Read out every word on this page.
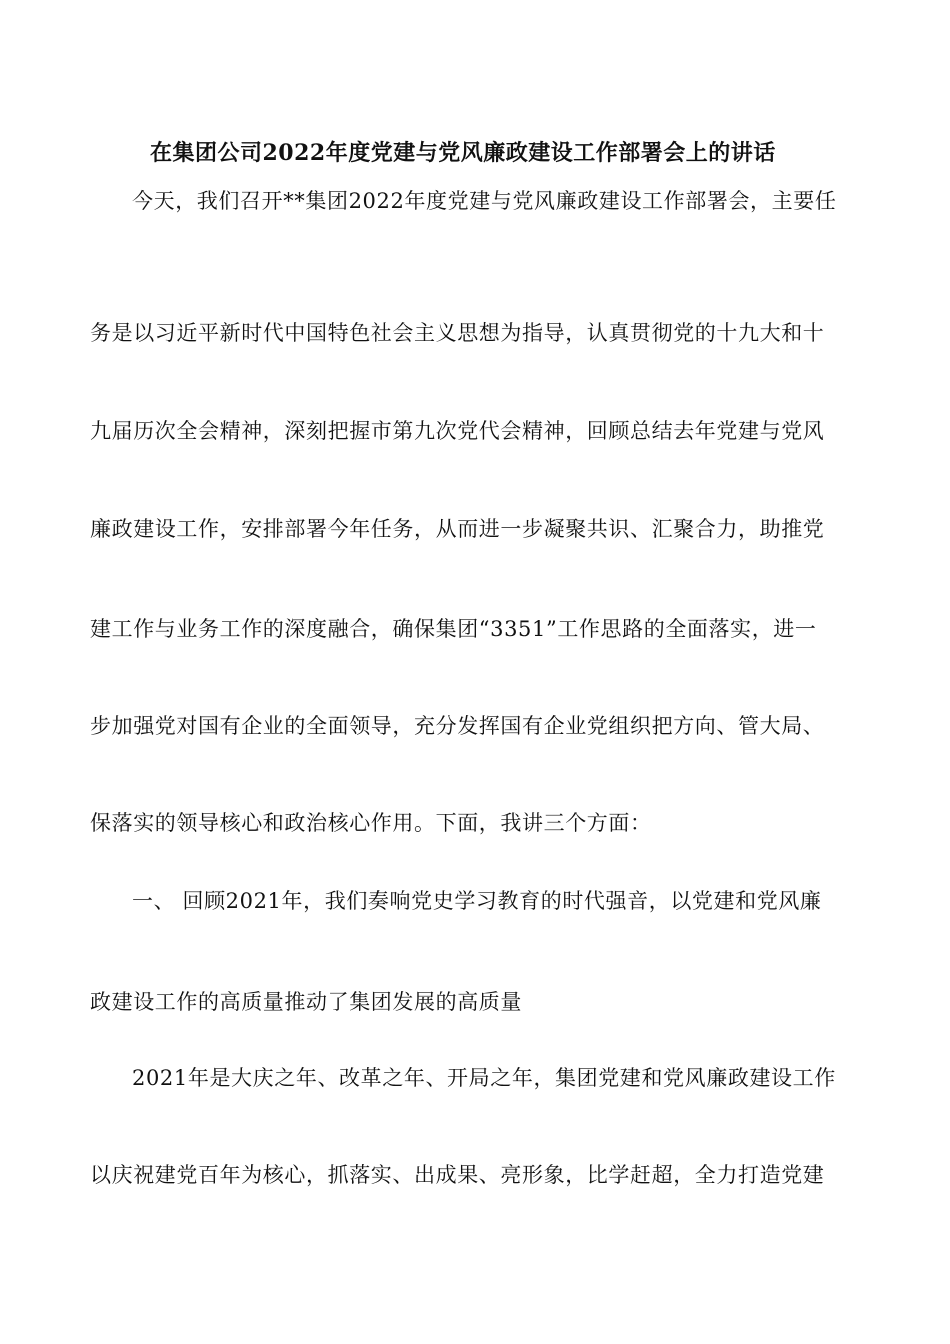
在集团公司2022年度党建与党风廉政建设工作部署会上的讲话
今天，我们召开**集团2022年度党建与党风廉政建设工作部署会，主要任
务是以习近平新时代中国特色社会主义思想为指导，认真贯彻党的十九大和十
九届历次全会精神，深刻把握市第九次党代会精神，回顾总结去年党建与党风
廉政建设工作，安排部署今年任务，从而进一步凝聚共识、汇聚合力，助推党
建工作与业务工作的深度融合，确保集团“3351”工作思路的全面落实，进一
步加强党对国有企业的全面领导，充分发挥国有企业党组织把方向、管大局、
保落实的领导核心和政治核心作用。下面，我讲三个方面：
一、 回顾2021年，我们奏响党史学习教育的时代强音，以党建和党风廉
政建设工作的高质量推动了集团发展的高质量
2021年是大庆之年、改革之年、开局之年，集团党建和党风廉政建设工作
以庆祝建党百年为核心，抓落实、出成果、亮形象，比学赶超，全力打造党建
